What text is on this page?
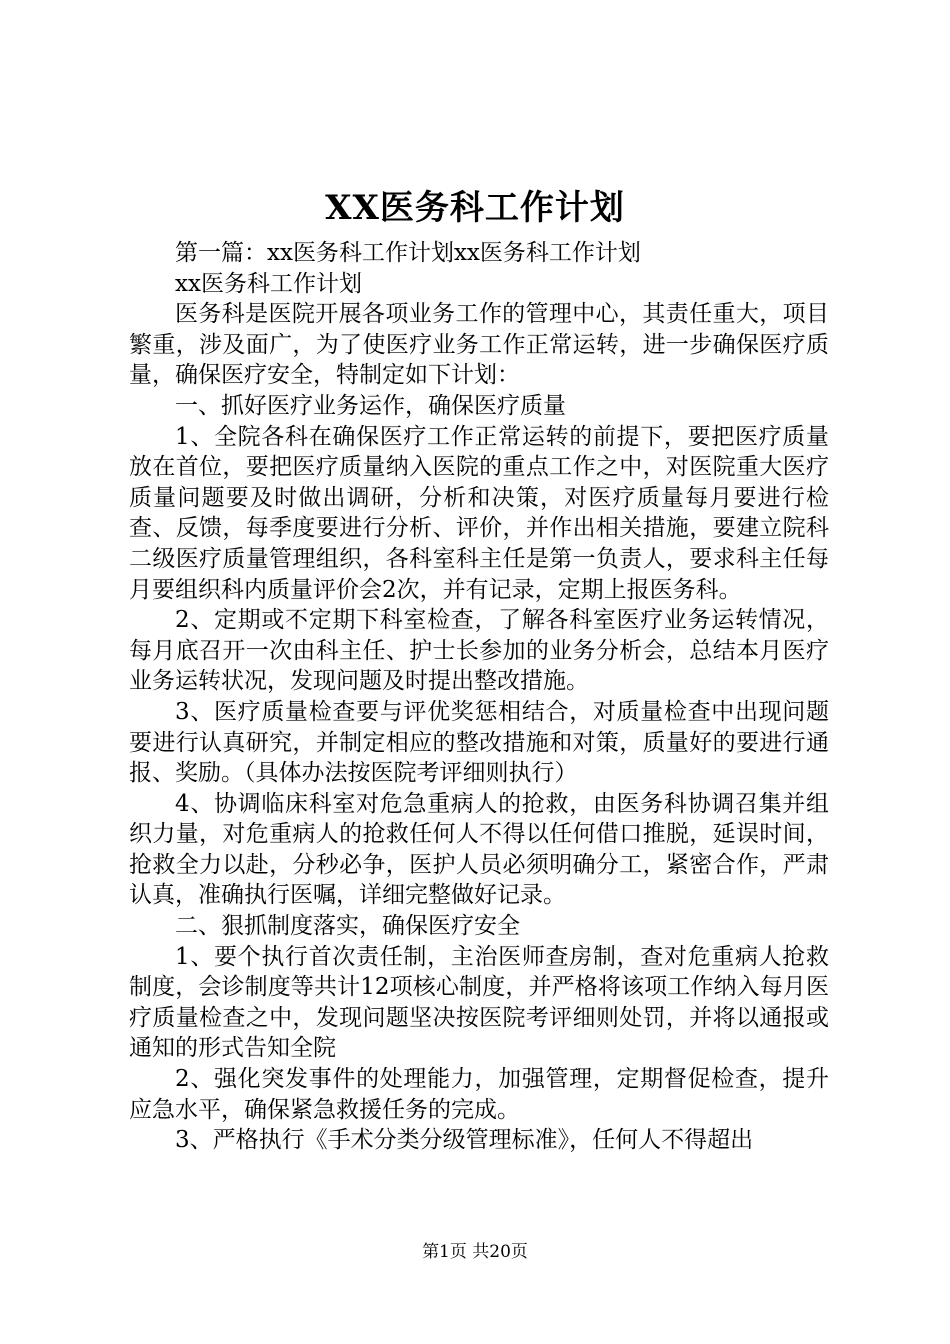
XX医务科工作计划

第一篇：xx医务科工作计划xx医务科工作计划

xx医务科工作计划

医务科是医院开展各项业务工作的管理中心，其责任重大，项目繁重，涉及面广，为了使医疗业务工作正常运转，进一步确保医疗质量，确保医疗安全，特制定如下计划：

一、抓好医疗业务运作，确保医疗质量

1、全院各科在确保医疗工作正常运转的前提下，要把医疗质量放在首位，要把医疗质量纳入医院的重点工作之中，对医院重大医疗质量问题要及时做出调研，分析和决策，对医疗质量每月要进行检查、反馈，每季度要进行分析、评价，并作出相关措施，要建立院科二级医疗质量管理组织，各科室科主任是第一负责人，要求科主任每月要组织科内质量评价会2次，并有记录，定期上报医务科。

2、定期或不定期下科室检查，了解各科室医疗业务运转情况，每月底召开一次由科主任、护士长参加的业务分析会，总结本月医疗业务运转状况，发现问题及时提出整改措施。

3、医疗质量检查要与评优奖惩相结合，对质量检查中出现问题要进行认真研究，并制定相应的整改措施和对策，质量好的要进行通报、奖励。（具体办法按医院考评细则执行）

4、协调临床科室对危急重病人的抢救，由医务科协调召集并组织力量，对危重病人的抢救任何人不得以任何借口推脱，延误时间，抢救全力以赴，分秒必争，医护人员必须明确分工，紧密合作，严肃认真，准确执行医嘱，详细完整做好记录。

二、狠抓制度落实，确保医疗安全

1、要个执行首次责任制，主治医师查房制，查对危重病人抢救制度，会诊制度等共计12项核心制度，并严格将该项工作纳入每月医疗质量检查之中，发现问题坚决按医院考评细则处罚，并将以通报或通知的形式告知全院

2、强化突发事件的处理能力，加强管理，定期督促检查，提升应急水平，确保紧急救援任务的完成。

3、严格执行《手术分类分级管理标准》，任何人不得超出

第1页 共20页
